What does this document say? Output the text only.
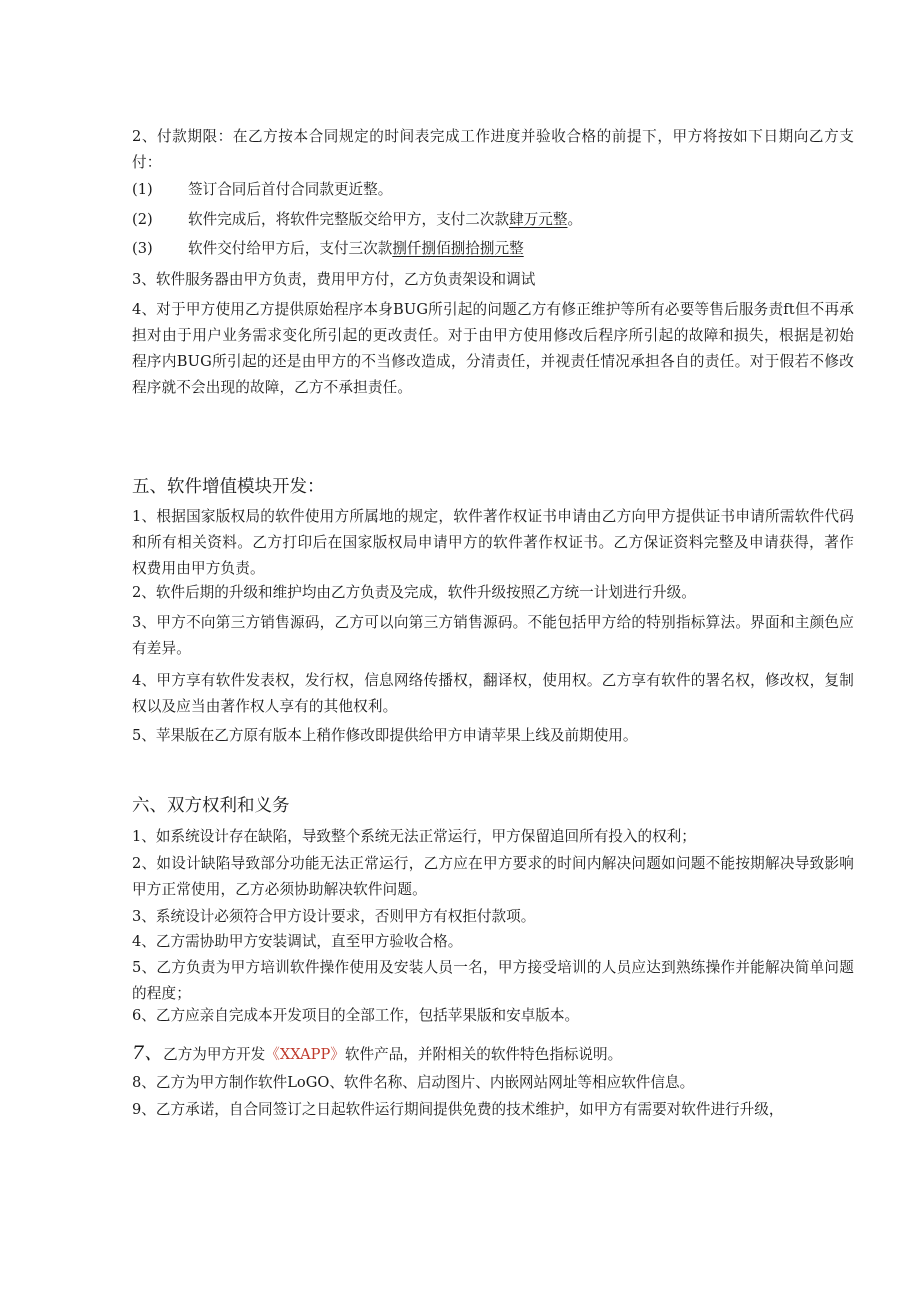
2、付款期限：在乙方按本合同规定的时间表完成工作进度并验收合格的前提下，甲方将按如下日期向乙方支付：
(1) 签订合同后首付合同款更近整。
(2) 软件完成后，将软件完整版交给甲方，支付二次款肆万元整。
(3) 软件交付给甲方后，支付三次款捌仟捌佰捌拾捌元整
3、软件服务器由甲方负责，费用甲方付，乙方负责架设和调试
4、对于甲方使用乙方提供原始程序本身BUG所引起的问题乙方有修正维护等所有必要等售后服务责ft但不再承担对由于用户业务需求变化所引起的更改责任。对于由甲方使用修改后程序所引起的故障和损失，根据是初始程序内BUG所引起的还是由甲方的不当修改造成，分清责任，并视责任情况承担各自的责任。对于假若不修改程序就不会出现的故障，乙方不承担责任。
五、软件增值模块开发：
1、根据国家版权局的软件使用方所属地的规定，软件著作权证书申请由乙方向甲方提供证书申请所需软件代码和所有相关资料。乙方打印后在国家版权局申请甲方的软件著作权证书。乙方保证资料完整及申请获得，著作权费用由甲方负责。
2、软件后期的升级和维护均由乙方负责及完成，软件升级按照乙方统一计划进行升级。
3、甲方不向第三方销售源码，乙方可以向第三方销售源码。不能包括甲方给的特别指标算法。界面和主颜色应有差异。
4、甲方享有软件发表权，发行权，信息网络传播权，翻译权，使用权。乙方享有软件的署名权，修改权，复制权以及应当由著作权人享有的其他权利。
5、苹果版在乙方原有版本上稍作修改即提供给甲方申请苹果上线及前期使用。
六、双方权利和义务
1、如系统设计存在缺陷，导致整个系统无法正常运行，甲方保留追回所有投入的权利；
2、如设计缺陷导致部分功能无法正常运行，乙方应在甲方要求的时间内解决问题如问题不能按期解决导致影响甲方正常使用，乙方必须协助解决软件问题。
3、系统设计必须符合甲方设计要求，否则甲方有权拒付款项。
4、乙方需协助甲方安装调试，直至甲方验收合格。
5、乙方负责为甲方培训软件操作使用及安装人员一名，甲方接受培训的人员应达到熟练操作并能解决简单问题的程度；
6、乙方应亲自完成本开发项目的全部工作，包括苹果版和安卓版本。
7、乙方为甲方开发《XXAPP》软件产品，并附相关的软件特色指标说明。
8、乙方为甲方制作软件LoGO、软件名称、启动图片、内嵌网站网址等相应软件信息。
9、乙方承诺，自合同签订之日起软件运行期间提供免费的技术维护，如甲方有需要对软件进行升级，
